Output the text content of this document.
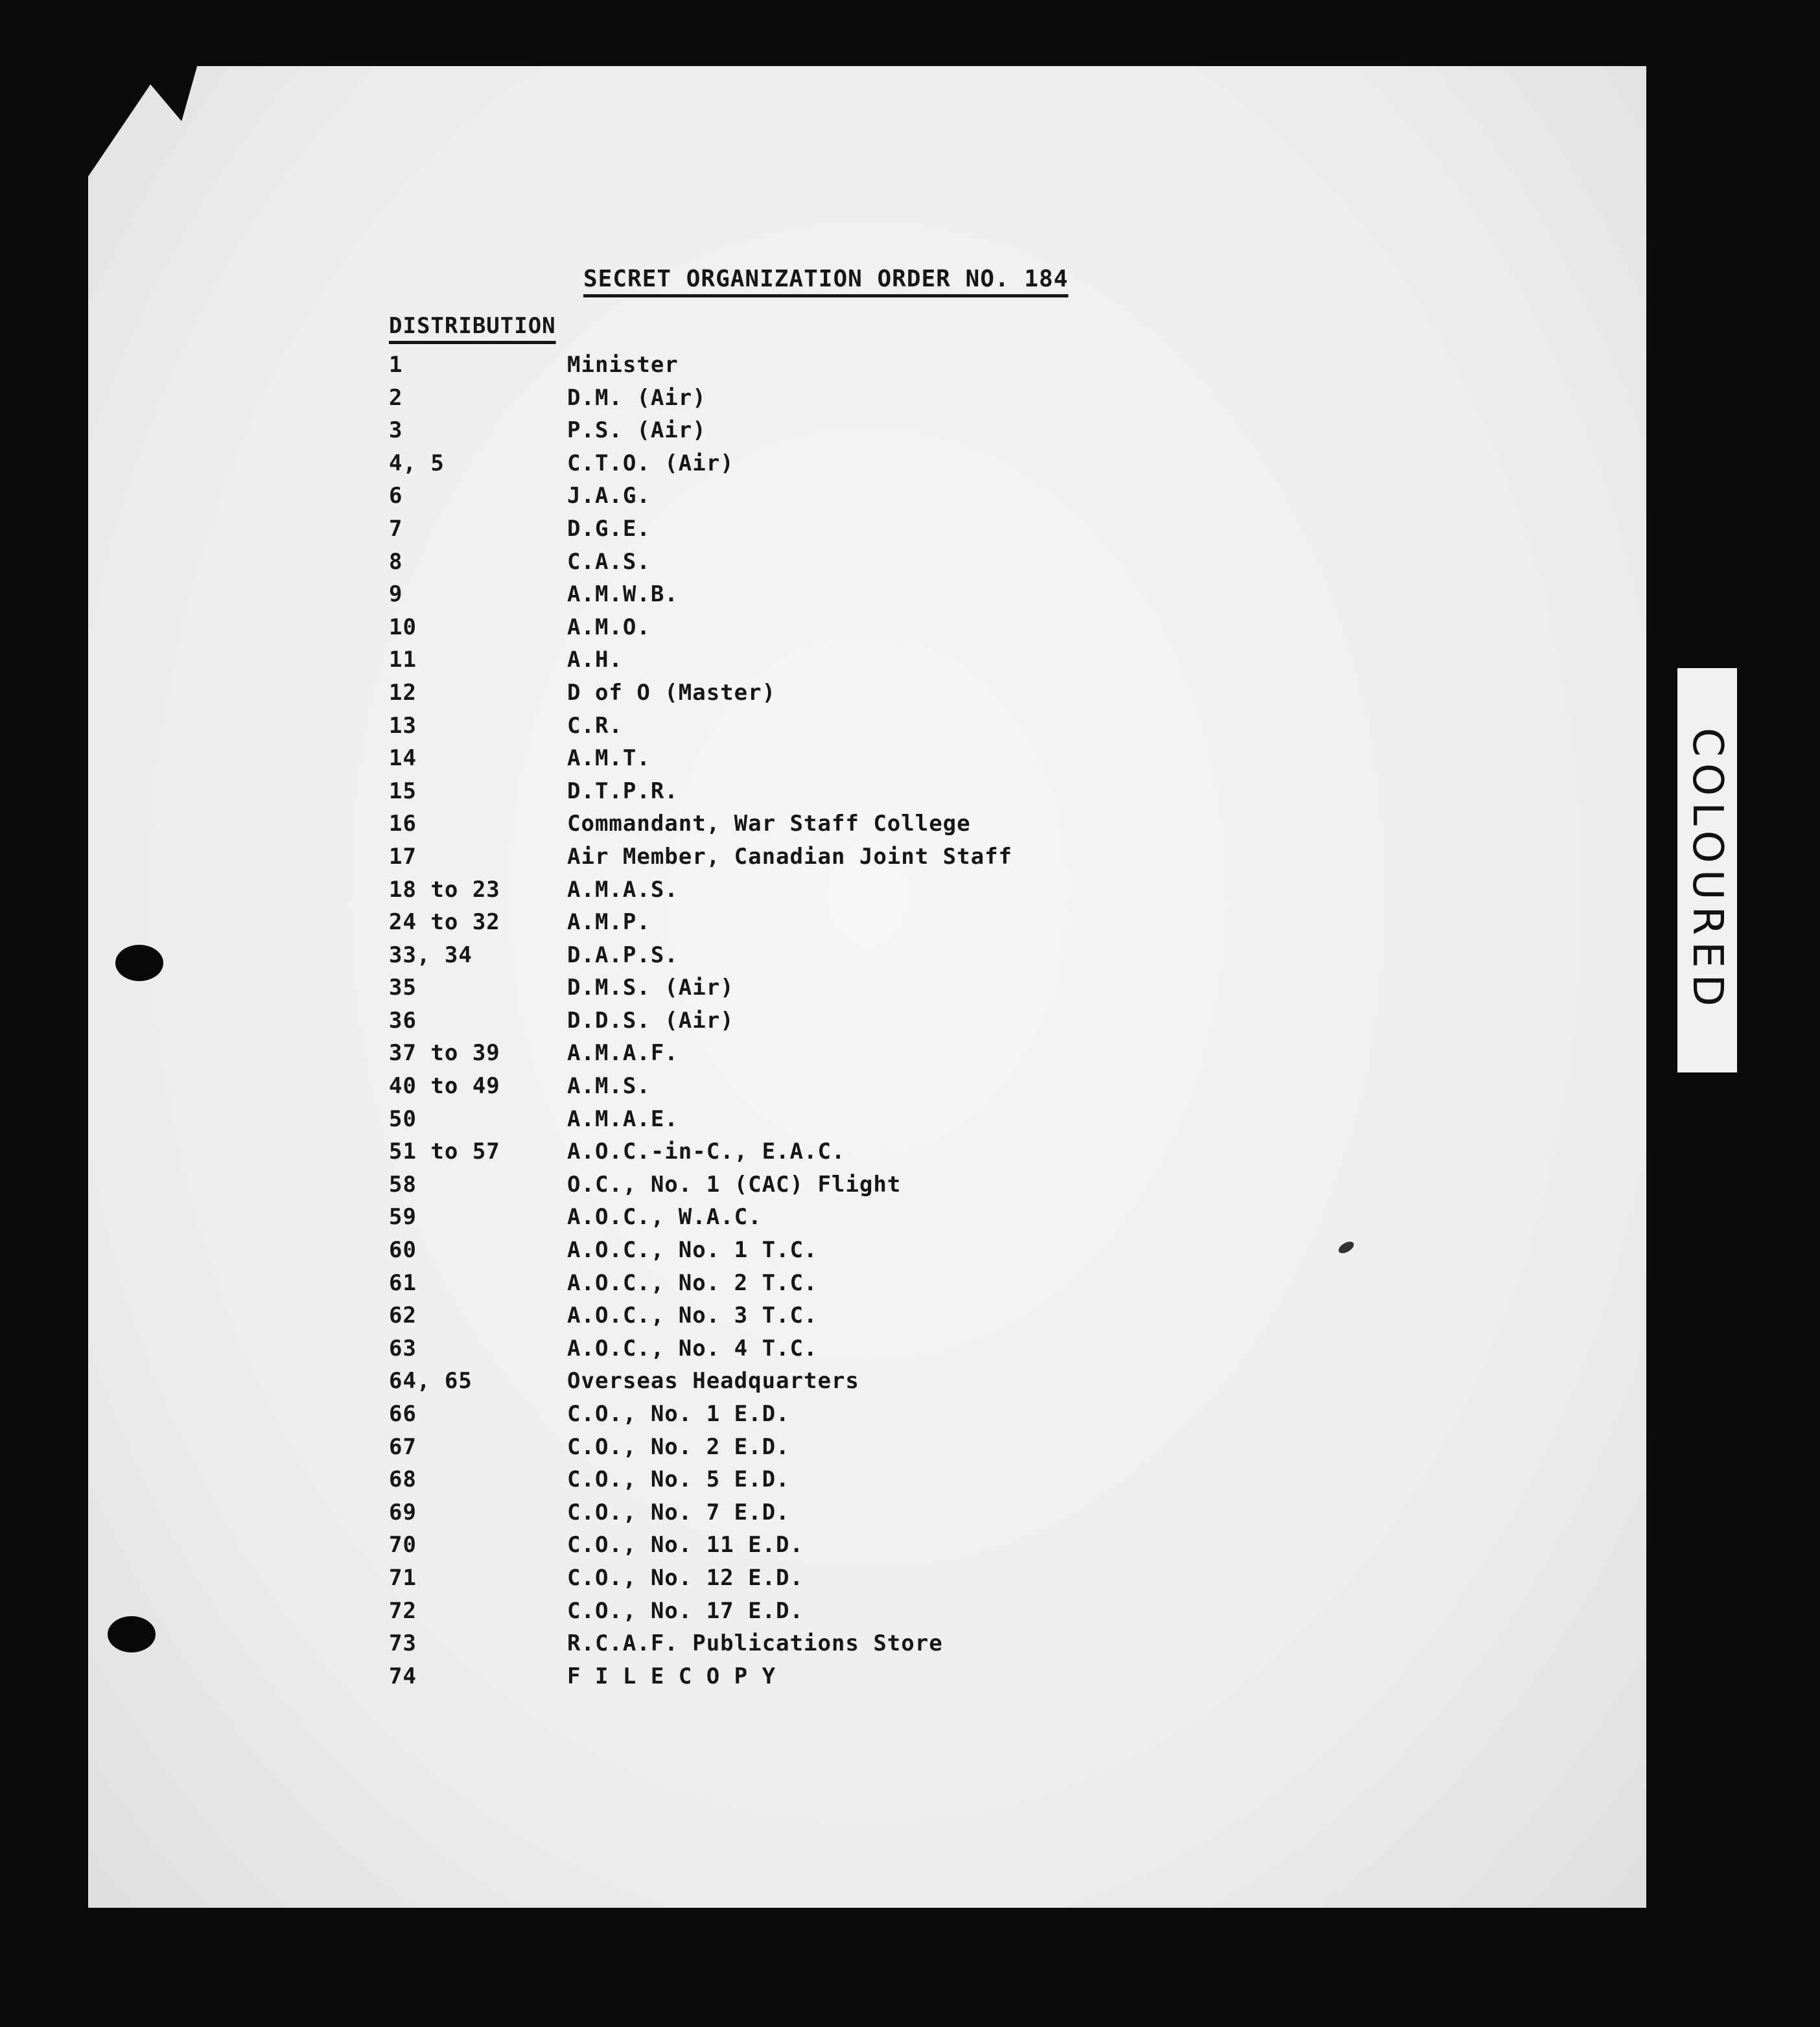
SECRET ORGANIZATION ORDER NO. 184
DISTRIBUTION
1	Minister
2	D.M. (Air)
3	P.S. (Air)
4, 5	C.T.O. (Air)
6	J.A.G.
7	D.G.E.
8	C.A.S.
9	A.M.W.B.
10	A.M.O.
11	A.H.
12	D of O (Master)
13	C.R.
14	A.M.T.
15	D.T.P.R.
16	Commandant, War Staff College
17	Air Member, Canadian Joint Staff
18 to 23	A.M.A.S.
24 to 32	A.M.P.
33, 34	D.A.P.S.
35	D.M.S. (Air)
36	D.D.S. (Air)
37 to 39	A.M.A.F.
40 to 49	A.M.S.
50	A.M.A.E.
51 to 57	A.O.C.-in-C., E.A.C.
58	O.C., No. 1 (CAC) Flight
59	A.O.C., W.A.C.
60	A.O.C., No. 1 T.C.
61	A.O.C., No. 2 T.C.
62	A.O.C., No. 3 T.C.
63	A.O.C., No. 4 T.C.
64, 65	Overseas Headquarters
66	C.O., No. 1 E.D.
67	C.O., No. 2 E.D.
68	C.O., No. 5 E.D.
69	C.O., No. 7 E.D.
70	C.O., No. 11 E.D.
71	C.O., No. 12 E.D.
72	C.O., No. 17 E.D.
73	R.C.A.F. Publications Store
74	F I L E C O P Y
COLOURED
